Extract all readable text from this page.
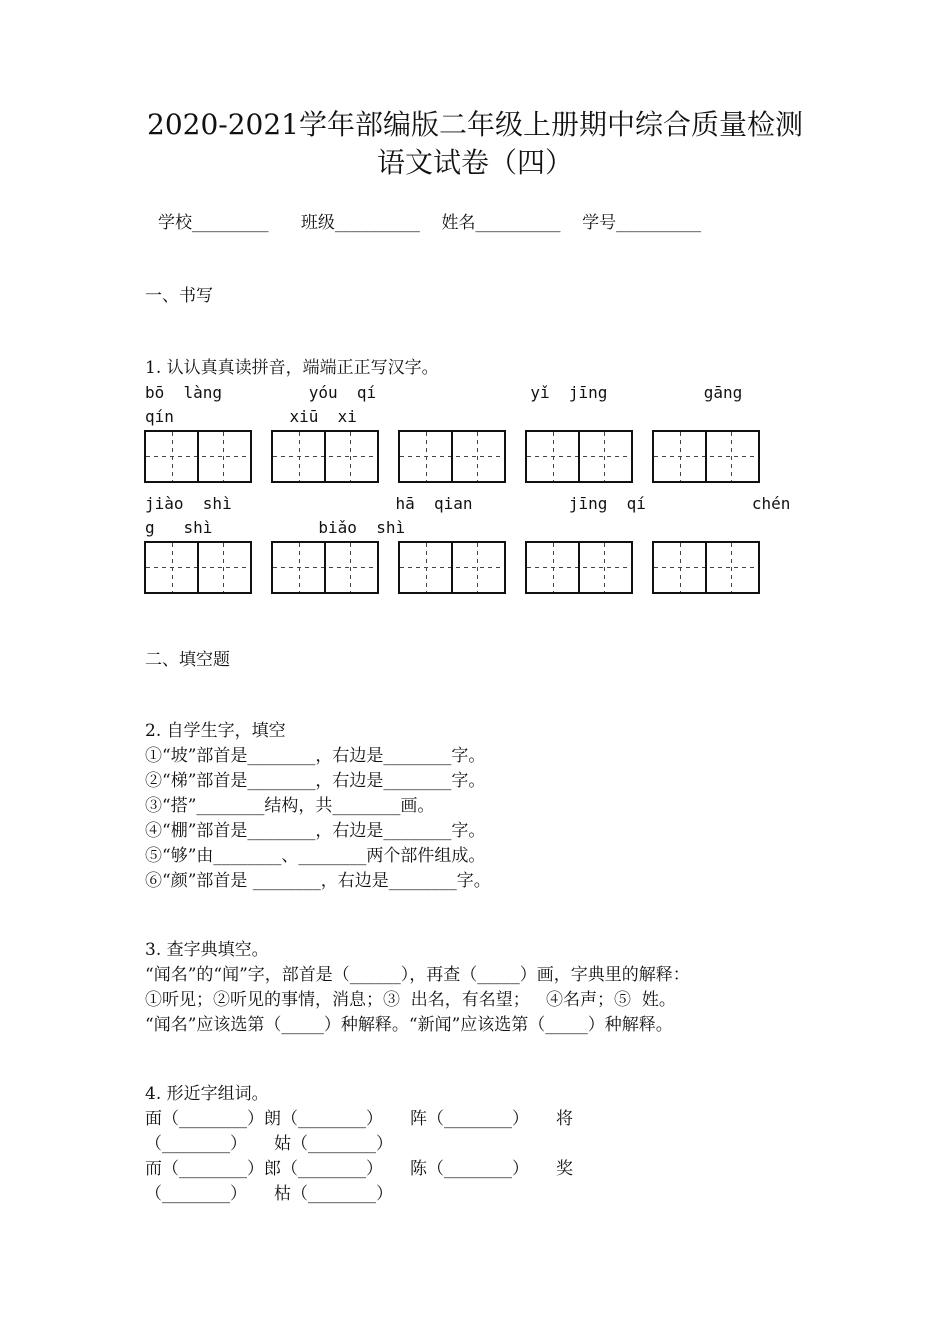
2020-2021学年部编版二年级上册期中综合质量检测
语文试卷（四）
学校_________      班级__________    姓名__________    学号__________
一、书写
1. 认认真真读拼音，端端正正写汉字。
bō  làng         yóu  qí                yǐ  jīng          gāng
qín            xiū  xi
jiào  shì                 hā  qian          jīng  qí           chén
g   shì           biǎo  shì
二、填空题
2. 自学生字，填空
①“坡”部首是________，右边是________字。
②“梯”部首是________，右边是________字。
③“搭”________结构，共________画。
④“棚”部首是________，右边是________字。
⑤“够”由________、________两个部件组成。
⑥“颜”部首是 ________，右边是________字。
3. 查字典填空。
“闻名”的“闻”字，部首是（______），再查（_____）画，字典里的解释：
①听见；②听见的事情，消息；③  出名，有名望；   ④名声；⑤  姓。
“闻名”应该选第（_____）种解释。“新闻”应该选第（_____）种解释。
4. 形近字组词。
面（________）朗（________）     阵（________）     将
（________）     姑（________）
而（________）郎（________）     陈（________）     奖
（________）     枯（________）
